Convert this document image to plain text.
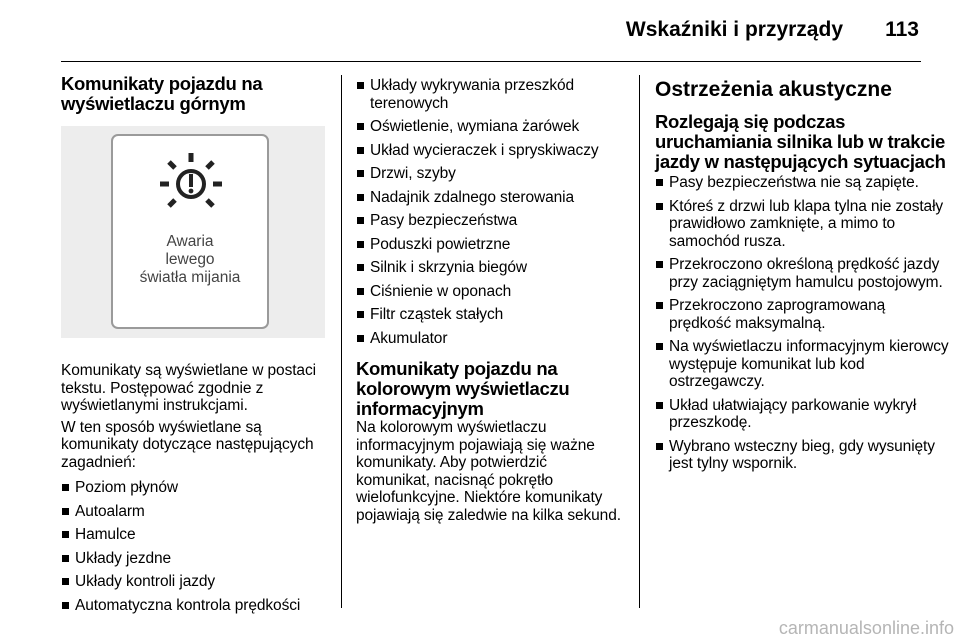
Wskaźniki i przyrządy 113
Komunikaty pojazdu na wyświetlaczu górnym
Awaria
lewego
światła mijania

Komunikaty są wyświetlane w postaci tekstu. Postępować zgodnie z wyświetlanymi instrukcjami.

W ten sposób wyświetlane są komunikaty dotyczące następujących zagadnień:

Poziom płynów
Autoalarm
Hamulce
Układy jezdne
Układy kontroli jazdy
Automatyczna kontrola prędkości
Układy wykrywania przeszkód terenowych
Oświetlenie, wymiana żarówek
Układ wycieraczek i spryskiwaczy
Drzwi, szyby
Nadajnik zdalnego sterowania
Pasy bezpieczeństwa
Poduszki powietrzne
Silnik i skrzynia biegów
Ciśnienie w oponach
Filtr cząstek stałych
Akumulator
Komunikaty pojazdu na kolorowym wyświetlaczu informacyjnym

Na kolorowym wyświetlaczu informacyjnym pojawiają się ważne komunikaty. Aby potwierdzić komunikat, nacisnąć pokrętło wielofunkcyjne. Niektóre komunikaty pojawiają się zaledwie na kilka sekund.

Ostrzeżenia akustyczne
Rozlegają się podczas uruchamiania silnika lub w trakcie jazdy w następujących sytuacjach
Pasy bezpieczeństwa nie są zapięte.
Któreś z drzwi lub klapa tylna nie zostały prawidłowo zamknięte, a mimo to samochód rusza.
Przekroczono określoną prędkość jazdy przy zaciągniętym hamulcu postojowym.
Przekroczono zaprogramowaną prędkość maksymalną.
Na wyświetlaczu informacyjnym kierowcy występuje komunikat lub kod ostrzegawczy.
Układ ułatwiający parkowanie wykrył przeszkodę.
Wybrano wsteczny bieg, gdy wysunięty jest tylny wspornik.
carmanualsonline.info
